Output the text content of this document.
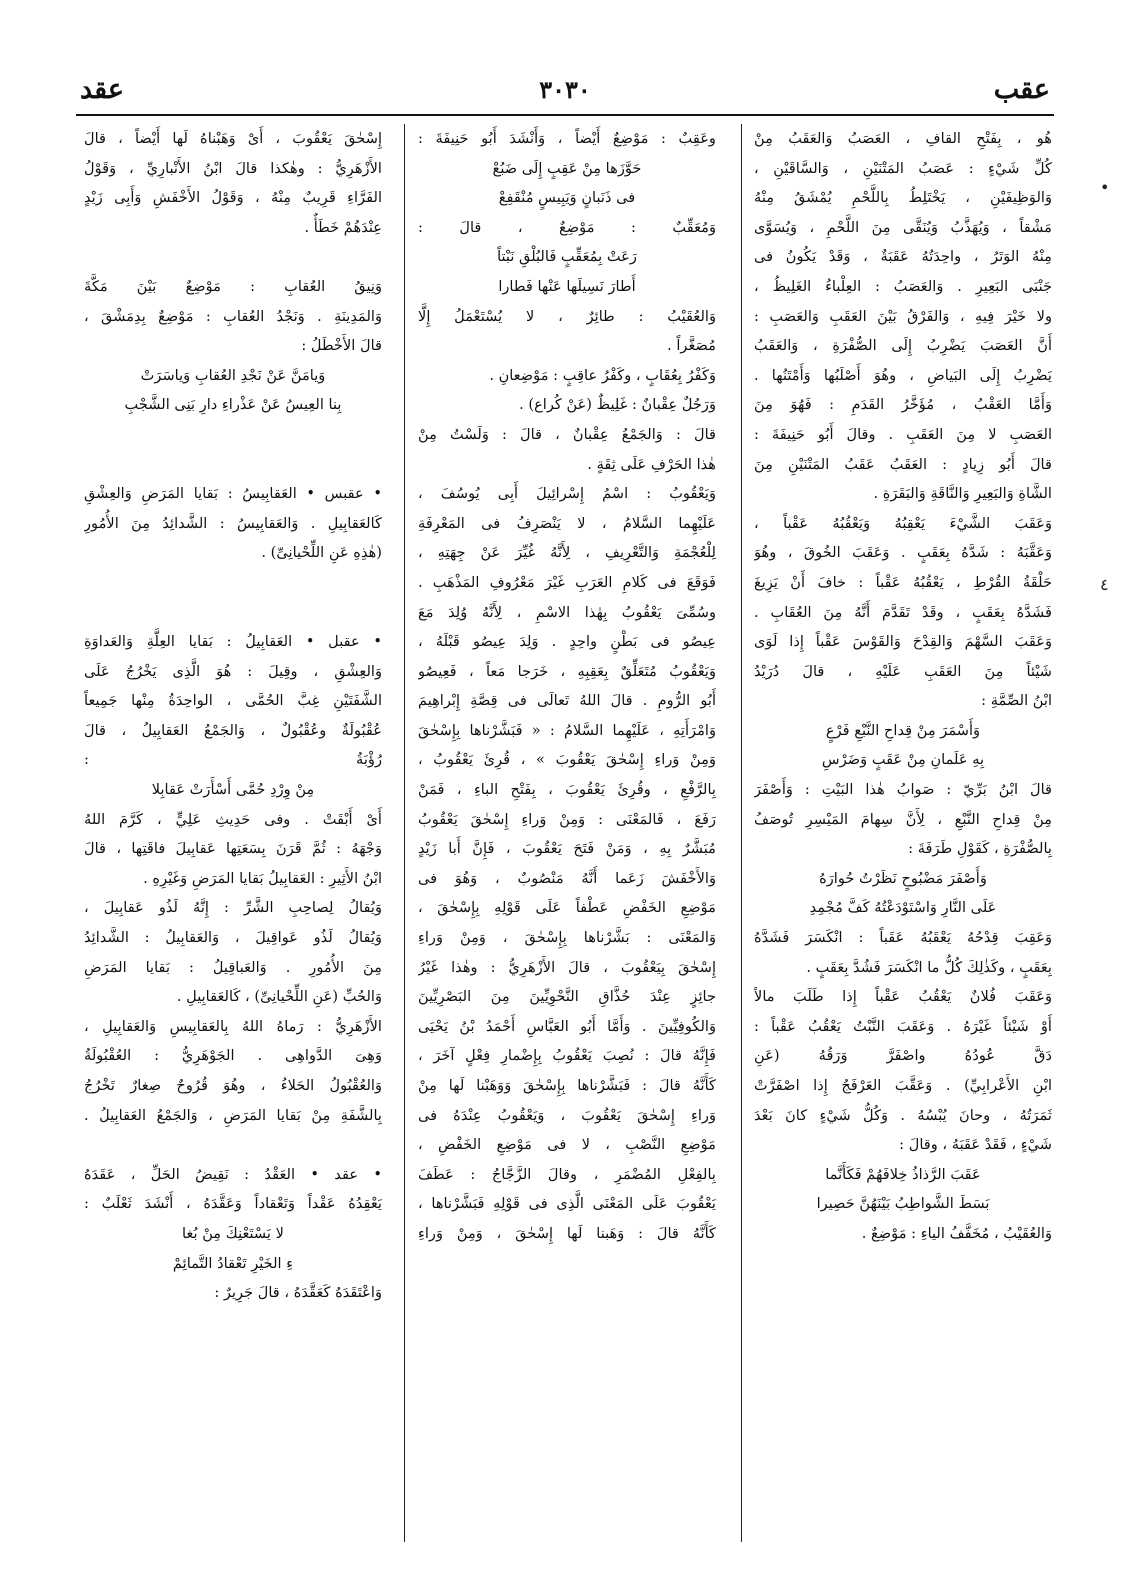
عقب
٣٠٣٠
عقد
هُو ، بِفَتْحِ القافِ ، العَصَبُ وَالعَقَبُ مِنْ
كُلِّ شَيْءٍ : عَصَبُ المَتْنَيْنِ ، وَالسَّاقَيْنِ ،
وَالوَظِيفَيْنِ ، يَخْتَلِطُ بِاللَّحْمِ يُمْشَقُ مِنْهُ
مَشْقاً ، وَيُهَذَّبُ وَيُنَقَّى مِنَ اللَّحْمِ ، وَيُسَوَّى
مِنْهُ الوَتَرُ ، واحِدَتُهُ عَقَبَةٌ ، وَقَدْ يَكُونُ فى
جَنْبَى البَعِيرِ . وَالعَصَبُ : العِلْباءُ الغَلِيظُ ،
ولا خَيْرَ فِيهِ ، وَالفَرْقُ بَيْنَ العَقَبِ وَالعَصَبِ :
أَنَّ العَصَبَ يَضْرِبُ إِلَى الصُّفْرَةِ ، وَالعَقَبُ
يَضْرِبُ إِلَى البَياضِ ، وهُوَ أَصْلَبُها وَأَمْتَنُها .
وَأَمَّا العَقْبُ ، مُؤَخَّرُ القَدَمِ : فَهُوَ مِنَ
العَصَبِ لا مِنَ العَقَبِ . وقالَ أَبُو حَنِيفَةَ :
قالَ أَبُو زِيادٍ : العَقَبُ عَقَبُ المَتْنَيْنِ مِنَ
الشَّاةِ وَالبَعِيرِ وَالنَّاقَةِ وَالبَقَرَةِ .
وَعَقَبَ الشَّيْءَ يَعْقِبُهُ وَيَعْقُبُهُ عَقْباً ،
وَعَقَّبَهُ : شَدَّهُ بِعَقَبٍ . وَعَقَبَ الخُوقَ ، وهُوَ
حَلْقَةُ القُرْطِ ، يَعْقُبُهُ عَقْباً : خافَ أَنْ يَزِيغَ
فَشَدَّهُ بِعَقَبٍ ، وقَدْ تَقَدَّمَ أَنَّهُ مِنَ العُقَابِ .
وَعَقَبَ السَّهْمَ وَالقِدْحَ وَالقَوْسَ عَقْباً إِذا لَوَى
شَيْئاً مِنَ العَقَبِ عَلَيْهِ ، قالَ دُرَيْدُ
ابْنُ الصِّمَّةِ :
وَأَسْمَرَ مِنْ قِداحِ النَّبْعِ فَرْعٍ
بِهِ عَلَمانِ مِنْ عَقَبٍ وَضَرْسِ
قالَ ابْنُ بَرِّيّ : صَوابُ هٰذا البَيْتِ : وَأَصْفَرَ
مِنْ قِداحِ النَّبْعِ ، لِأَنَّ سِهامَ المَيْسِرِ تُوصَفُ
بِالصُّفْرَةِ ، كَقَوْلِ طَرَفَةَ :
وَأَصْفَرَ مَضْبُوحٍ نَظَرْتُ حُوارَهُ
عَلَى النَّارِ وَاسْتَوْدَعْتُهُ كَفَّ مُجْمِدِ
وَعَقِبَ قِدْحُهُ يَعْقَبُهُ عَقَباً : انْكَسَرَ فَشَدَّهُ
بِعَقَبٍ ، وكَذٰلِكَ كُلُّ ما انْكَسَرَ فَشُدَّ بِعَقَبٍ .
وَعَقَبَ فُلانٌ يَعْقُبُ عَقْباً إِذا طَلَبَ مالاً
أَوْ شَيْئاً غَيْرَهُ . وَعَقَبَ النَّبْتُ يَعْقُبُ عَقْباً :
دَقَّ عُودُهُ واصْفَرَّ وَرَقُهُ (عَنِ
ابْنِ الأَعْرابِيِّ) . وَعَقَّبَ العَرْفَجُ إِذا اصْفَرَّتْ
ثَمَرَتُهُ ، وحانَ يُبْسُهُ . وَكُلُّ شَيْءٍ كانَ بَعْدَ
شَيْءٍ ، فَقَدْ عَقَبَهُ ، وقالَ :
عَقَبَ الرَّذاذُ خِلافَهُمْ فَكَأَنَّما
بَسَطَ الشَّواطِبُ بَيْنَهُنَّ حَصِيرا
وَالعُقَيْبُ ، مُخَفَّفُ الياءِ : مَوْضِعٌ .
وعَقِبٌ : مَوْضِعٌ أَيْضاً ، وَأَنْشَدَ أَبُو حَنِيفَةَ :
حَوَّزَها مِنْ عَقِبٍ إِلَى ضَبُعْ
فى ذَنَبانٍ وَيَبِيسٍ مُنْقَفِعْ
وَمُعَقِّبٌ : مَوْضِعٌ ، قالَ :
رَعَتْ بِمُعَقِّبٍ فَالبُلْقِ نَبْتاً
أَطارَ نَسِيلَها عَنْها فَطارا
وَالعُقَيْبُ : طائِرٌ ، لا يُسْتَعْمَلُ إِلَّا
مُصَغَّراً .
وَكَفْرُ بِعُقَابٍ ، وكَفْرُ عاقِبٍ : مَوْضِعانِ .
وَرَجُلٌ عِقْبانٌ : غَلِيظٌ (عَنْ كُراع) .
قالَ : وَالجَمْعُ عِقْبانٌ ، قالَ : وَلَسْتُ مِنْ
هٰذا الحَرْفِ عَلَى ثِقَةٍ .
وَيَعْقُوبُ : اسْمُ إِسْرائِيلَ أَبِى يُوسُفَ ،
عَلَيْهِما السَّلامُ ، لا يَنْصَرِفُ فى المَعْرِفَةِ
لِلْعُجْمَةِ وَالتَّعْرِيفِ ، لِأَنَّهُ غُيِّرَ عَنْ جِهَتِهِ ،
فَوَقَعَ فى كَلامِ العَرَبِ غَيْرَ مَعْرُوفِ المَذْهَبِ .
وسُمِّىَ يَعْقُوبُ بِهٰذا الاسْمِ ، لِأَنَّهُ وُلِدَ مَعَ
عِيصُو فى بَطْنٍ واحِدٍ . وَلِدَ عِيصُو قَبْلَهُ ،
وَيَعْقُوبُ مُتَعَلِّقٌ بِعَقِبِهِ ، خَرَجا مَعاً ، فَعِيصُو
أَبُو الرُّومِ . قالَ اللهُ تَعالَى فى قِصَّةِ إِبْراهِيمَ
وَامْرَأَتِهِ ، عَلَيْهِما السَّلامُ : « فَبَشَّرْناها بِإِسْحٰقَ
وَمِنْ وَراءِ إِسْحٰقَ يَعْقُوبَ » ، قُرِئَ يَعْقُوبُ ،
بِالرَّفْعِ ، وقُرِئَ يَعْقُوبَ ، بِفَتْحِ الباءِ ، فَمَنْ
رَفَعَ ، فَالمَعْنَى : وَمِنْ وَراءِ إِسْحٰقَ يَعْقُوبُ
مُبَشَّرٌ بِهِ ، وَمَنْ فَتَحَ يَعْقُوبَ ، فَإِنَّ أَبا زَيْدٍ
وَالأَخْفَشَ زَعَما أَنَّهُ مَنْصُوبٌ ، وَهُوَ فى
مَوْضِعِ الخَفْضِ عَطْفاً عَلَى قَوْلِهِ بِإِسْحٰقَ ،
وَالمَعْنَى : بَشَّرْناها بِإِسْحٰقَ ، وَمِنْ وَراءِ
إِسْحٰقَ بِيَعْقُوبَ ، قالَ الأَزْهَرِيُّ : وهٰذا غَيْرُ
جائِزٍ عِنْدَ حُذَّاقِ النَّحْوِيِّينَ مِنَ البَصْرِيِّينَ
وَالكُوفِيِّينَ . وَأَمَّا أَبُو العَبَّاسِ أَحْمَدُ بْنُ يَحْيَى
فَإِنَّهُ قالَ : نُصِبَ يَعْقُوبُ بِإِضْمارِ فِعْلٍ آخَرَ ،
كَأَنَّهُ قالَ : فَبَشَّرْناها بِإِسْحٰقَ وَوَهَبْنا لَها مِنْ
وَراءِ إِسْحٰقَ يَعْقُوبَ ، وَيَعْقُوبُ عِنْدَهُ فى
مَوْضِعِ النَّصْبِ ، لا فى مَوْضِعِ الخَفْضِ ،
بِالفِعْلِ المُضْمَرِ ، وقالَ الزَّجَّاجُ : عَطَفَ
يَعْقُوبَ عَلَى المَعْنَى الَّذِى فى قَوْلِهِ فَبَشَّرْناها ،
كَأَنَّهُ قالَ : وَهَبنا لَها إِسْحٰقَ ، وَمِنْ وَراءِ
إِسْحٰقَ يَعْقُوبَ ، أَىْ وَهَبْناهُ لَها أَيْضاً ، قالَ
الأَزْهَرِيُّ : وهٰكذا قالَ ابْنُ الأَنْبارِيِّ ، وَقَوْلُ
الفَرَّاءِ قَرِيبٌ مِنْهُ ، وَقَوْلُ الأَخْفَشِ وَأَبِى زَيْدٍ
عِنْدَهُمْ خَطَأٌ .
وَنِيقُ العُقابِ : مَوْضِعٌ بَيْنَ مَكَّةَ
وَالمَدِينَةِ . وَنَجْدُ العُقابِ : مَوْضِعٌ بِدِمَشْقَ ،
قالَ الأَخْطَلُ :
وَيامَنَّ عَنْ نَجْدِ العُقابِ وَياسَرَتْ
بِنا العِيسُ عَنْ عَذْراءِ دارِ بَنِى الشَّجْبِ
• عقبس • العَقابِيسُ : بَقايا المَرَضِ وَالعِشْقِ
كَالعَقابِيلِ . وَالعَقابِيسُ : الشَّدائِدُ مِنَ الأُمُورِ
(هٰذِهِ عَنِ اللِّحْيانِىِّ) .
• عقبل • العَقابِيلُ : بَقايا العِلَّةِ وَالعَداوَةِ
وَالعِشْقِ ، وقِيلَ : هُوَ الَّذِى يَخْرُجُ عَلَى
الشَّفَتَيْنِ غِبَّ الحُمَّى ، الواحِدَةُ مِنْها جَمِيعاً
عُقْبُولَةٌ وعُقْبُولٌ ، وَالجَمْعُ العَقابِيلُ ، قالَ
رُؤْبَةُ :
مِنْ وِرْدِ حُمَّى أَسْأَرَتْ عَقابِلا
أَىْ أَبْقَتْ . وفى حَدِيثِ عَلِيٍّ ، كَرَّمَ اللهُ
وَجْهَهُ : ثُمَّ قَرَنَ بِسَعَتِها عَقابِيلَ فاقَتِها ، قالَ
ابْنُ الأَثِيرِ : العَقابِيلُ بَقايا المَرَضِ وَغَيْرِهِ .
وَيُقالُ لِصاحِبِ الشَّرِّ : إِنَّهُ لَذُو عَقابِيلَ ،
وَيُقالُ لَذُو عَواقِيلَ ، وَالعَقابِيلُ : الشَّدائِدُ
مِنَ الأُمُورِ . وَالعَباقِيلُ : بَقايا المَرَضِ
وَالحُبِّ (عَنِ اللِّحْيانِىِّ) ، كَالعَقابِيلِ .
الأَزْهَرِيُّ : رَماهُ اللهُ بِالعَقابِيسِ وَالعَقابِيلِ ،
وَهِىَ الدَّواهِى . الجَوْهَرِيُّ : العُقْبُولَةُ
وَالعُقْبُولُ الحَلاءُ ، وهُوَ قُرُوحٌ صِغارٌ تَخْرُجُ
بِالشَّفَةِ مِنْ بَقايا المَرَضِ ، وَالجَمْعُ العَقابِيلُ .
• عقد • العَقْدُ : نَقِيضُ الحَلِّ ، عَقَدَهُ
يَعْقِدُهُ عَقْداً وَتَعْقاداً وَعَقَّدَهُ ، أَنْشَدَ ثَعْلَبٌ :
لا يَسْتَعْنِكَ مِنْ بُغا
ءِ الخَيْرِ تَعْقادُ التَّمائِمْ
وَاعْتَقَدَهُ كَعَقَّدَهُ ، قالَ جَرِيرٌ :
•
٤
